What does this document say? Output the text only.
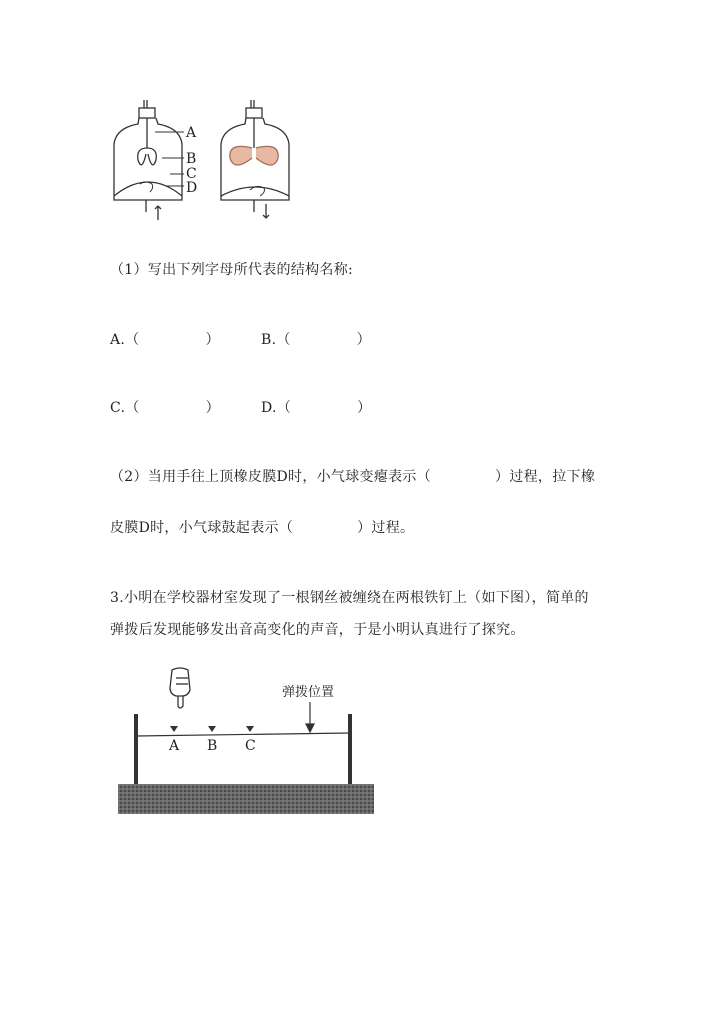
A
B
C
D
（1）写出下列字母所代表的结构名称:
A.（	）	B.（	）
C.（	）	D.（	）
（2）当用手往上顶橡皮膜D时，小气球变瘪表示（	）过程，拉下橡
皮膜D时，小气球鼓起表示（	）过程。
3.小明在学校器材室发现了一根钢丝被缠绕在两根铁钉上（如下图），简单的
弹拨后发现能够发出音高变化的声音，于是小明认真进行了探究。
A B C
弹拨位置
